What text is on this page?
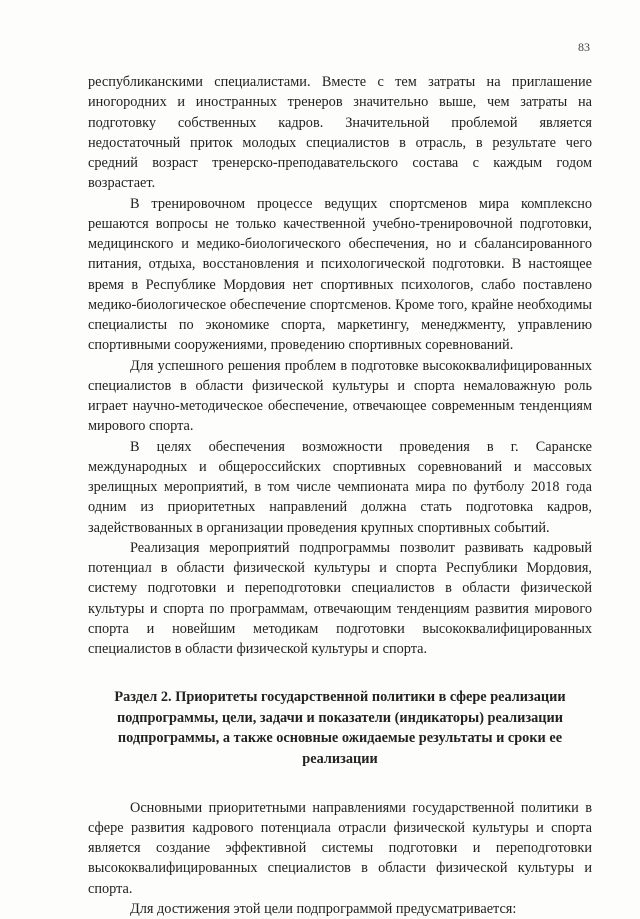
83

республиканскими специалистами. Вместе с тем затраты на приглашение иногородних и иностранных тренеров значительно выше, чем затраты на подготовку собственных кадров. Значительной проблемой является недостаточный приток молодых специалистов в отрасль, в результате чего средний возраст тренерско-преподавательского состава с каждым годом возрастает.

В тренировочном процессе ведущих спортсменов мира комплексно решаются вопросы не только качественной учебно-тренировочной подготовки, медицинского и медико-биологического обеспечения, но и сбалансированного питания, отдыха, восстановления и психологической подготовки. В настоящее время в Республике Мордовия нет спортивных психологов, слабо поставлено медико-биологическое обеспечение спортсменов. Кроме того, крайне необходимы специалисты по экономике спорта, маркетингу, менеджменту, управлению спортивными сооружениями, проведению спортивных соревнований.

Для успешного решения проблем в подготовке высококвалифицированных специалистов в области физической культуры и спорта немаловажную роль играет научно-методическое обеспечение, отвечающее современным тенденциям мирового спорта.

В целях обеспечения возможности проведения в г. Саранске международных и общероссийских спортивных соревнований и массовых зрелищных мероприятий, в том числе чемпионата мира по футболу 2018 года одним из приоритетных направлений должна стать подготовка кадров, задействованных в организации проведения крупных спортивных событий.

Реализация мероприятий подпрограммы позволит развивать кадровый потенциал в области физической культуры и спорта Республики Мордовия, систему подготовки и переподготовки специалистов в области физической культуры и спорта по программам, отвечающим тенденциям развития мирового спорта и новейшим методикам подготовки высококвалифицированных специалистов в области физической культуры и спорта.

Раздел 2. Приоритеты государственной политики в сфере реализации подпрограммы, цели, задачи и показатели (индикаторы) реализации подпрограммы, а также основные ожидаемые результаты и сроки ее реализации

Основными приоритетными направлениями государственной политики в сфере развития кадрового потенциала отрасли физической культуры и спорта является создание эффективной системы подготовки и переподготовки высококвалифицированных специалистов в области физической культуры и спорта.

Для достижения этой цели подпрограммой предусматривается:
